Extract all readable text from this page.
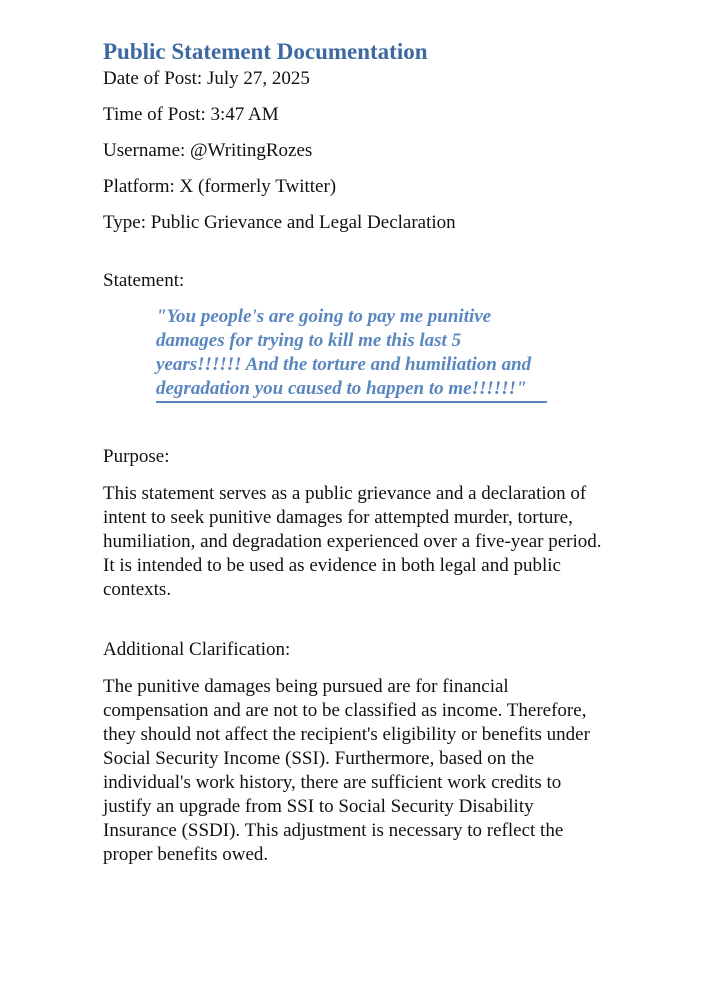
Public Statement Documentation

Date of Post: July 27, 2025

Time of Post: 3:47 AM

Username: @WritingRozes

Platform: X (formerly Twitter)

Type: Public Grievance and Legal Declaration

Statement:

"You people's are going to pay me punitive damages for trying to kill me this last 5 years!!!!!! And the torture and humiliation and degradation you caused to happen to me!!!!!!"

Purpose:

This statement serves as a public grievance and a declaration of intent to seek punitive damages for attempted murder, torture, humiliation, and degradation experienced over a five-year period. It is intended to be used as evidence in both legal and public contexts.

Additional Clarification:

The punitive damages being pursued are for financial compensation and are not to be classified as income. Therefore, they should not affect the recipient's eligibility or benefits under Social Security Income (SSI). Furthermore, based on the individual's work history, there are sufficient work credits to justify an upgrade from SSI to Social Security Disability Insurance (SSDI). This adjustment is necessary to reflect the proper benefits owed.
